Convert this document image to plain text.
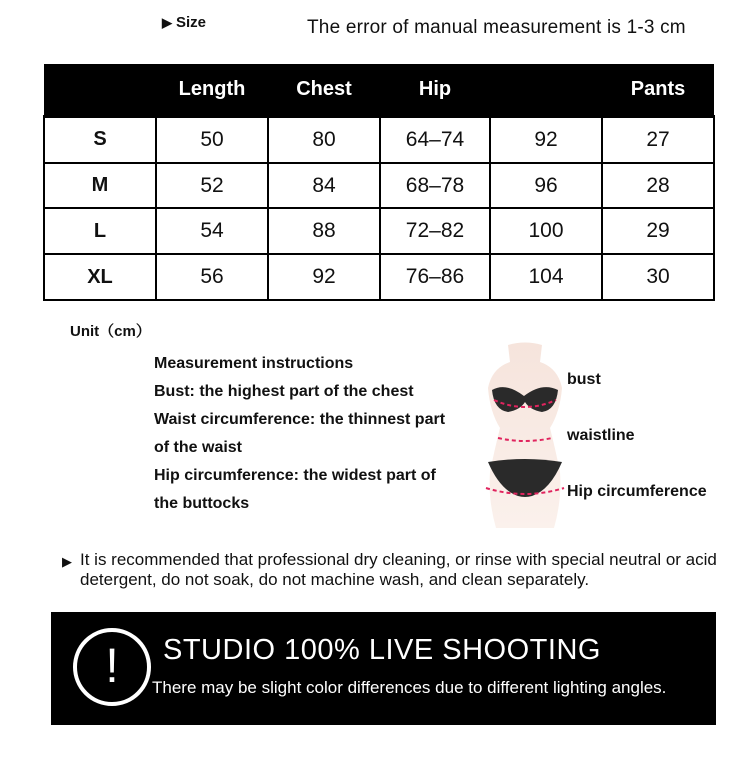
▶ Size	The error of manual measurement is 1-3 cm
	Length	Chest	Hip		Pants
S	50	80	64–74	92	27
M	52	84	68–78	96	28
L	54	88	72–82	100	29
XL	56	92	76–86	104	30
Unit（cm）
Measurement instructions
Bust: the highest part of the chest
Waist circumference: the thinnest part
of the waist
Hip circumference: the widest part of
the buttocks
bust
waistline
Hip circumference
▶ It is recommended that professional dry cleaning, or rinse with special neutral or acid detergent, do not soak, do not machine wash, and clean separately.
!	STUDIO 100% LIVE SHOOTING
There may be slight color differences due to different lighting angles.
